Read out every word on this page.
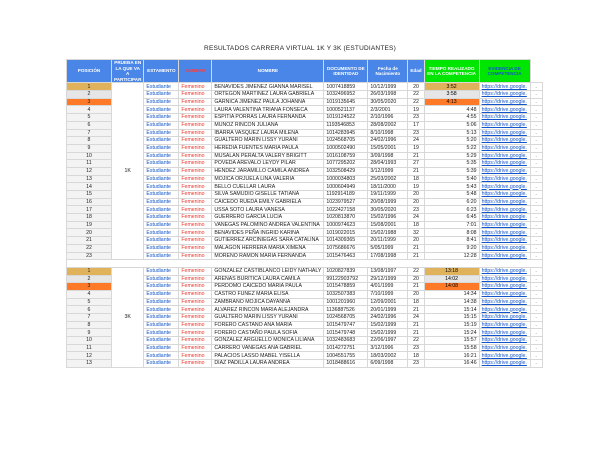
RESULTADOS CARRERA VIRTUAL 1K Y 3K (ESTUDIANTES)
POSICIÓN	PRUEBA EN LA QUE VA A PARTICIPAR	ESTAMENTO	GENERO	NOMBRE	DOCUMENTO DE IDENTIDAD	Fecha de Nacimiento	Edad	TIEMPO REALIZADO EN LA COMPETENCIA	EVIDENCIA DE COMPETENCIA	
1	1K	Estudiante	Femenino	BENAVIDES JIMENEZ GIANNA MARISEL	1007418859	10/12/1999	20	3:52	https://drive.google.	.
2		Estudiante	Femenino	ORTEGON MARTINEZ LAURA GABRIELA	1032496952	26/03/1998	22	3:58	https://drive.google.	.
3		Estudiante	Femenino	GARNICA JIMENEZ PAULA JOHANNA	1019135645	30/05/2020	22	4:13	https://drive.google.	.
4		Estudiante	Femenino	LAURA VALENTINA TRIANA FONSECA	1000521137	2/3/2001	19	4:48	https://drive.google.	.
5		Estudiante	Femenino	ESPITIA PORRAS LAURA FERNANDA	1019124522	2/10/1996	23	4:55	https://drive.google.	.
6		Estudiante	Femenino	MUÑOZ RINCÓN JULIANA	1193546853	28/08/2002	17	5:06	https://drive.google.	.
7		Estudiante	Femenino	IBARRA VASQUEZ LAURA MILENA	1014283945	8/10/1998	23	5:13	https://drive.google.	.
8		Estudiante	Femenino	GUALTERO MARIN LISSY YURANI	1024568705	24/02/1996	24	5:20	https://drive.google.	.
9		Estudiante	Femenino	HEREDIA FUENTES MARIA PAULA	1000502490	15/05/2001	19	5:22	https://drive.google.	.
10		Estudiante	Femenino	MUSALAN PERALTA VALERY BRIGITT	1016108759	3/09/1998	21	5:29	https://drive.google.	.
11		Estudiante	Femenino	POVEDA AREVALO LEYDY PILAR	1077295202	28/04/1993	27	5:35	https://drive.google.	.
12		Estudiante	Femenino	HENDEZ JARAMILLO CAMILA ANDREA	1032508429	3/12/1999	21	5:39	https://drive.google.	.
13		Estudiante	Femenino	MOJICA ORJUELA LINA VALERIA	1000034803	25/03/2002	18	5:40	https://drive.google.	.
14		Estudiante	Femenino	BELLO CUELLAR LAURA	1000604949	18/11/2000	19	5:43	https://drive.google.	.
15		Estudiante	Femenino	SILVA SAMUDIO GISELLE TATIANA	1192914189	19/11/1999	20	5:48	https://drive.google.	.
16		Estudiante	Femenino	CAICEDO RUEDA EMILY GABRIELA	1023979527	20/08/1999	20	6:20	https://drive.google.	.
17		Estudiante	Femenino	USSA SOTO LAURA VANESA	1022427158	30/05/2020	23	6:23	https://drive.google.	.
18		Estudiante	Femenino	GUERRERO GARCIA LUCIA	1020813870	15/02/1996	24	6:45	https://drive.google.	.
19		Estudiante	Femenino	VANEGAS PALOMINO ANDREA VALENTINA	1000974623	15/08/2001	18	7:01	https://drive.google.	.
20		Estudiante	Femenino	BENAVIDES PEÑA INGRID KARINA	1019022015	15/02/1988	32	8:08	https://drive.google.	.
21		Estudiante	Femenino	GUTIERREZ ARCINIEGAS SARA CATALINA	1014309365	20/11/1999	20	8:41	https://drive.google.	.
22		Estudiante	Femenino	MALAGON HERRERA MARIA XIMENA	1075686676	5/05/1999	21	9:20	https://drive.google.	.
23		Estudiante	Femenino	MORENO RAMÓN MARÍA FERNANDA	1015476463	17/08/1998	21	12:28	https://drive.google.	.

1	3K	Estudiante	Femenino	GONZÁLEZ CASTIBLANCO LEIDY NATHALY	1020827839	13/08/1997	22	13:18	https://drive.google.	.
2		Estudiante	Femenino	ARENAS BURITICA LAURA CAMILA	99122903792	29/12/1999	20	14:02	https://drive.google.	.
3		Estudiante	Femenino	PERDOMO CAICEDO MARIA PAULA	1015478859	4/01/1999	21	14:08	https://drive.google.	.
4		Estudiante	Femenino	CASTRO FUNEZ MARIA ELISA	1032507383	7/10/1999	20	14:34	https://drive.google.	.
5		Estudiante	Femenino	ZAMBRANO MOJICA DAYANNA	1001201960	12/09/2001	18	14:38	https://drive.google.	.
6		Estudiante	Femenino	ALVAREZ RINCON MARIA ALEJANDRA	1136887526	20/01/1999	21	15:14	https://drive.google.	.
7		Estudiante	Femenino	GUALTERO MARIN LISSY YURANI	1024568705	24/02/1996	24	15:15	https://drive.google.	.
8		Estudiante	Femenino	FORERO CASTAÑO ANA MARIA	1015479747	15/02/1999	21	15:19	https://drive.google.	.
9		Estudiante	Femenino	FORERO CASTAÑO PAULA SOFIA	1015479748	15/02/1999	21	15:24	https://drive.google.	.
10		Estudiante	Femenino	GONZÁLEZ ARGÜELLO MÓNICA LILIANA	1032483683	22/06/1997	22	15:57	https://drive.google.	.
11		Estudiante	Femenino	CARRERO VANEGAS ANA GABRIEL	1014272751	3/12/1996	23	15:58	https://drive.google.	.
12		Estudiante	Femenino	PALACIOS LASSO MABEL YISELLA	1004551755	18/03/2002	18	16:21	https://drive.google.	.
13		Estudiante	Femenino	DÍAZ PADILLA LAURA ANDREA	1018488616	6/09/1998	23	16:46	https://drive.google.	.
